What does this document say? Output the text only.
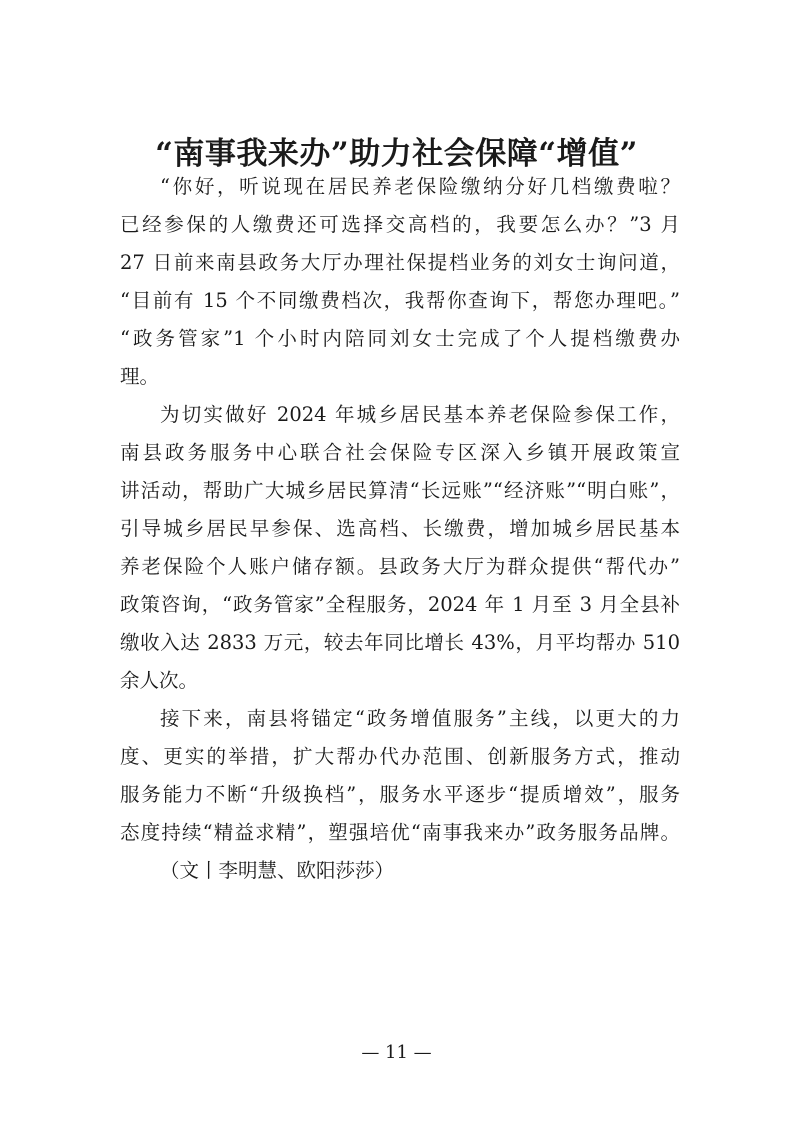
“南事我来办”助力社会保障“增值”
“你好，听说现在居民养老保险缴纳分好几档缴费啦？
已经参保的人缴费还可选择交高档的，我要怎么办？”3 月
27 日前来南县政务大厅办理社保提档业务的刘女士询问道，
“目前有 15 个不同缴费档次，我帮你查询下，帮您办理吧。”
“政务管家”1 个小时内陪同刘女士完成了个人提档缴费办
理。
为切实做好 2024 年城乡居民基本养老保险参保工作，
南县政务服务中心联合社会保险专区深入乡镇开展政策宣
讲活动，帮助广大城乡居民算清“长远账”“经济账”“明白账”，
引导城乡居民早参保、选高档、长缴费，增加城乡居民基本
养老保险个人账户储存额。县政务大厅为群众提供“帮代办”
政策咨询，“政务管家”全程服务，2024 年 1 月至 3 月全县补
缴收入达 2833 万元，较去年同比增长 43%，月平均帮办 510
余人次。
接下来，南县将锚定“政务增值服务”主线，以更大的力
度、更实的举措，扩大帮办代办范围、创新服务方式，推动
服务能力不断“升级换档”，服务水平逐步“提质增效”，服务
态度持续“精益求精”，塑强培优“南事我来办”政务服务品牌。
（文丨李明慧、欧阳莎莎）
— 11 —
